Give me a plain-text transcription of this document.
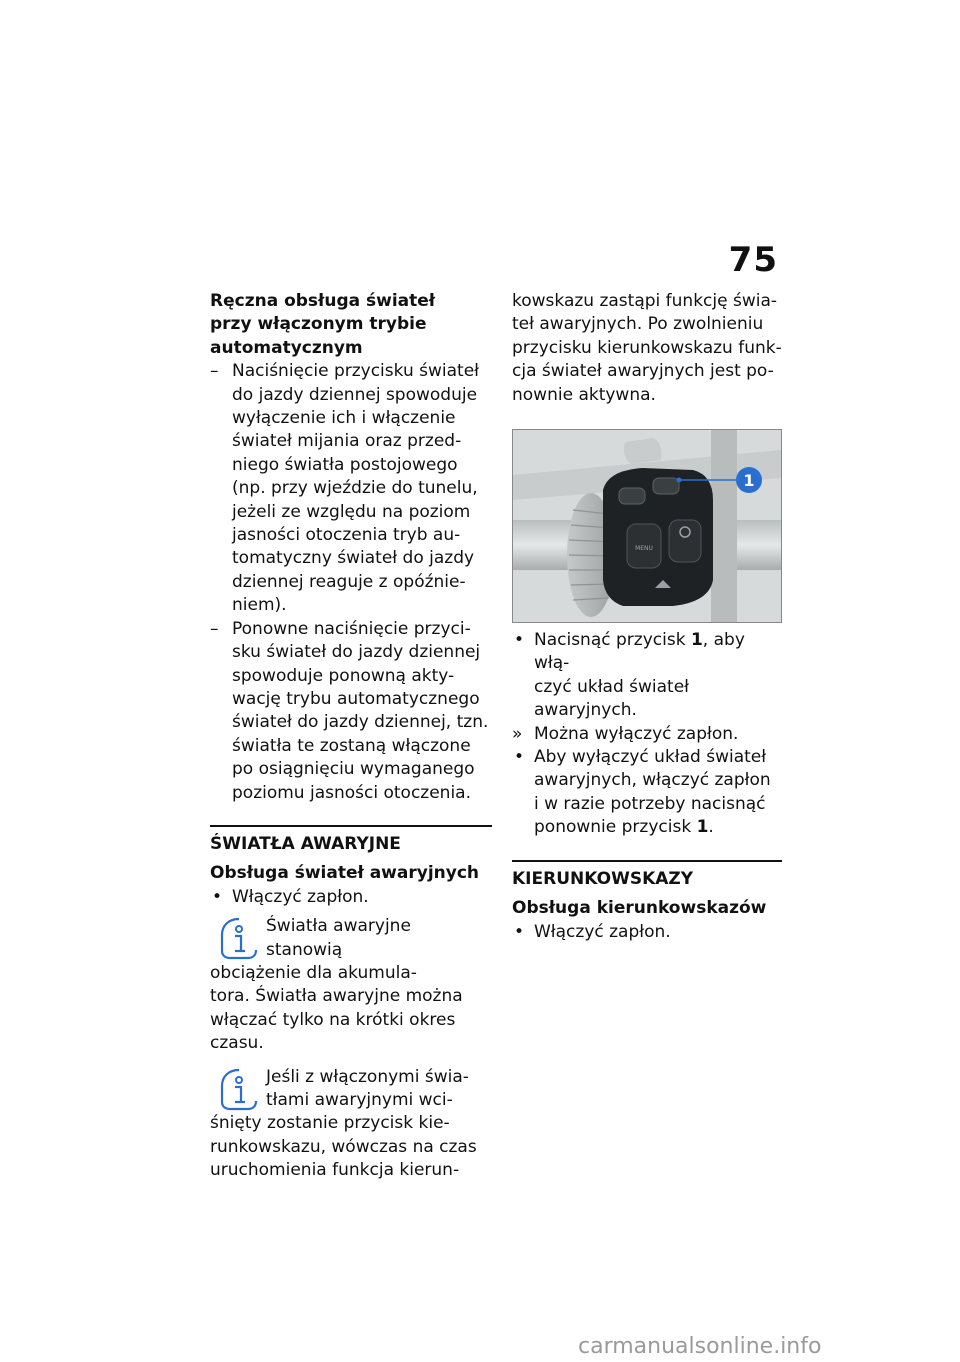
75
Ręczna obsługa świateł
przy włączonym trybie
automatycznym
– Naciśnięcie przycisku świateł
do jazdy dziennej spowoduje
wyłączenie ich i włączenie
świateł mijania oraz przed-
niego światła postojowego
(np. przy wjeździe do tunelu,
jeżeli ze względu na poziom
jasności otoczenia tryb au-
tomatyczny świateł do jazdy
dziennej reaguje z opóźnie-
niem).
– Ponowne naciśnięcie przyci-
sku świateł do jazdy dziennej
spowoduje ponowną akty-
wację trybu automatycznego
świateł do jazdy dziennej, tzn.
światła te zostaną włączone
po osiągnięciu wymaganego
poziomu jasności otoczenia.
ŚWIATŁA AWARYJNE
Obsługa świateł awaryjnych
• Włączyć zapłon.

Światła awaryjne stanowią
obciążenie dla akumula-

tora. Światła awaryjne można
włączać tylko na krótki okres
czasu.

Jeśli z włączonymi świa-
tłami awaryjnymi wci-

śnięty zostanie przycisk kie-
runkowskazu, wówczas na czas
uruchomienia funkcja kierun-
kowskazu zastąpi funkcję świa-
teł awaryjnych. Po zwolnieniu
przycisku kierunkowskazu funk-
cja świateł awaryjnych jest po-
nownie aktywna.
MENU
1
• Nacisnąć przycisk 1, aby włą-
czyć układ świateł awaryjnych.
» Można wyłączyć zapłon.
• Aby wyłączyć układ świateł
awaryjnych, włączyć zapłon
i w razie potrzeby nacisnąć
ponownie przycisk 1.
KIERUNKOWSKAZY
Obsługa kierunkowskazów
• Włączyć zapłon.
carmanualsonline.info
